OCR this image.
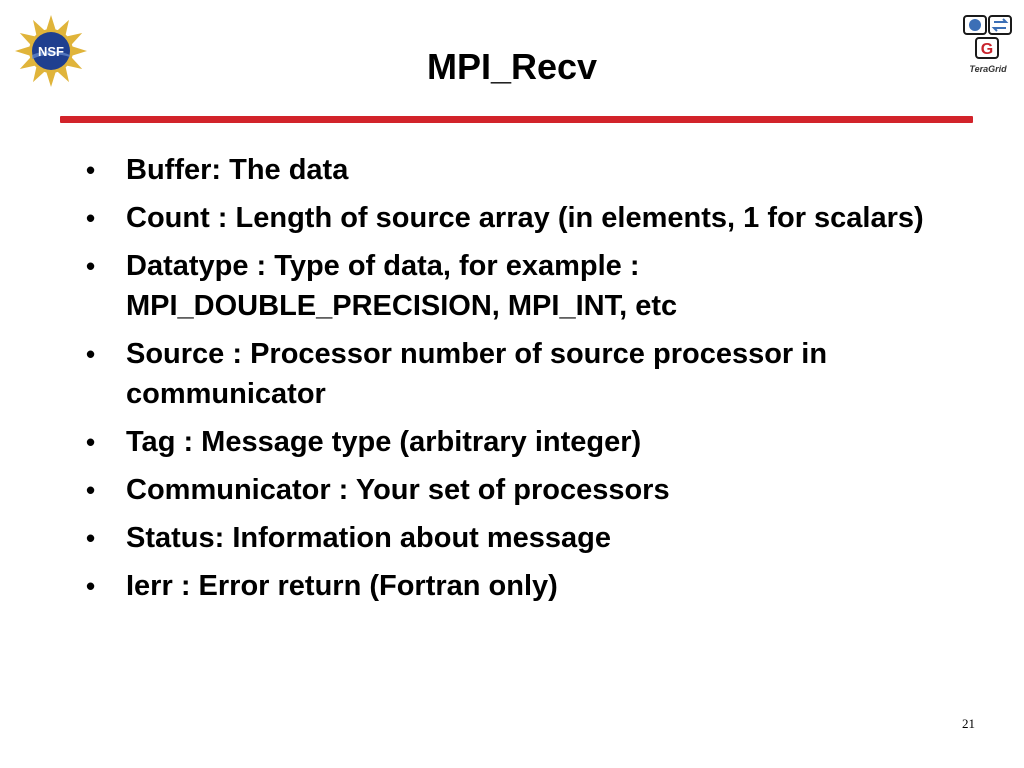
NSF	G
TeraGrid
MPI_Recv
• Buffer: The data
• Count : Length of source array (in elements, 1 for scalars)
• Datatype : Type of data, for example : MPI_DOUBLE_PRECISION, MPI_INT, etc
• Source : Processor number of source processor in communicator
• Tag : Message type (arbitrary integer)
• Communicator : Your set of processors
• Status: Information about message
• Ierr : Error return (Fortran only)
21
